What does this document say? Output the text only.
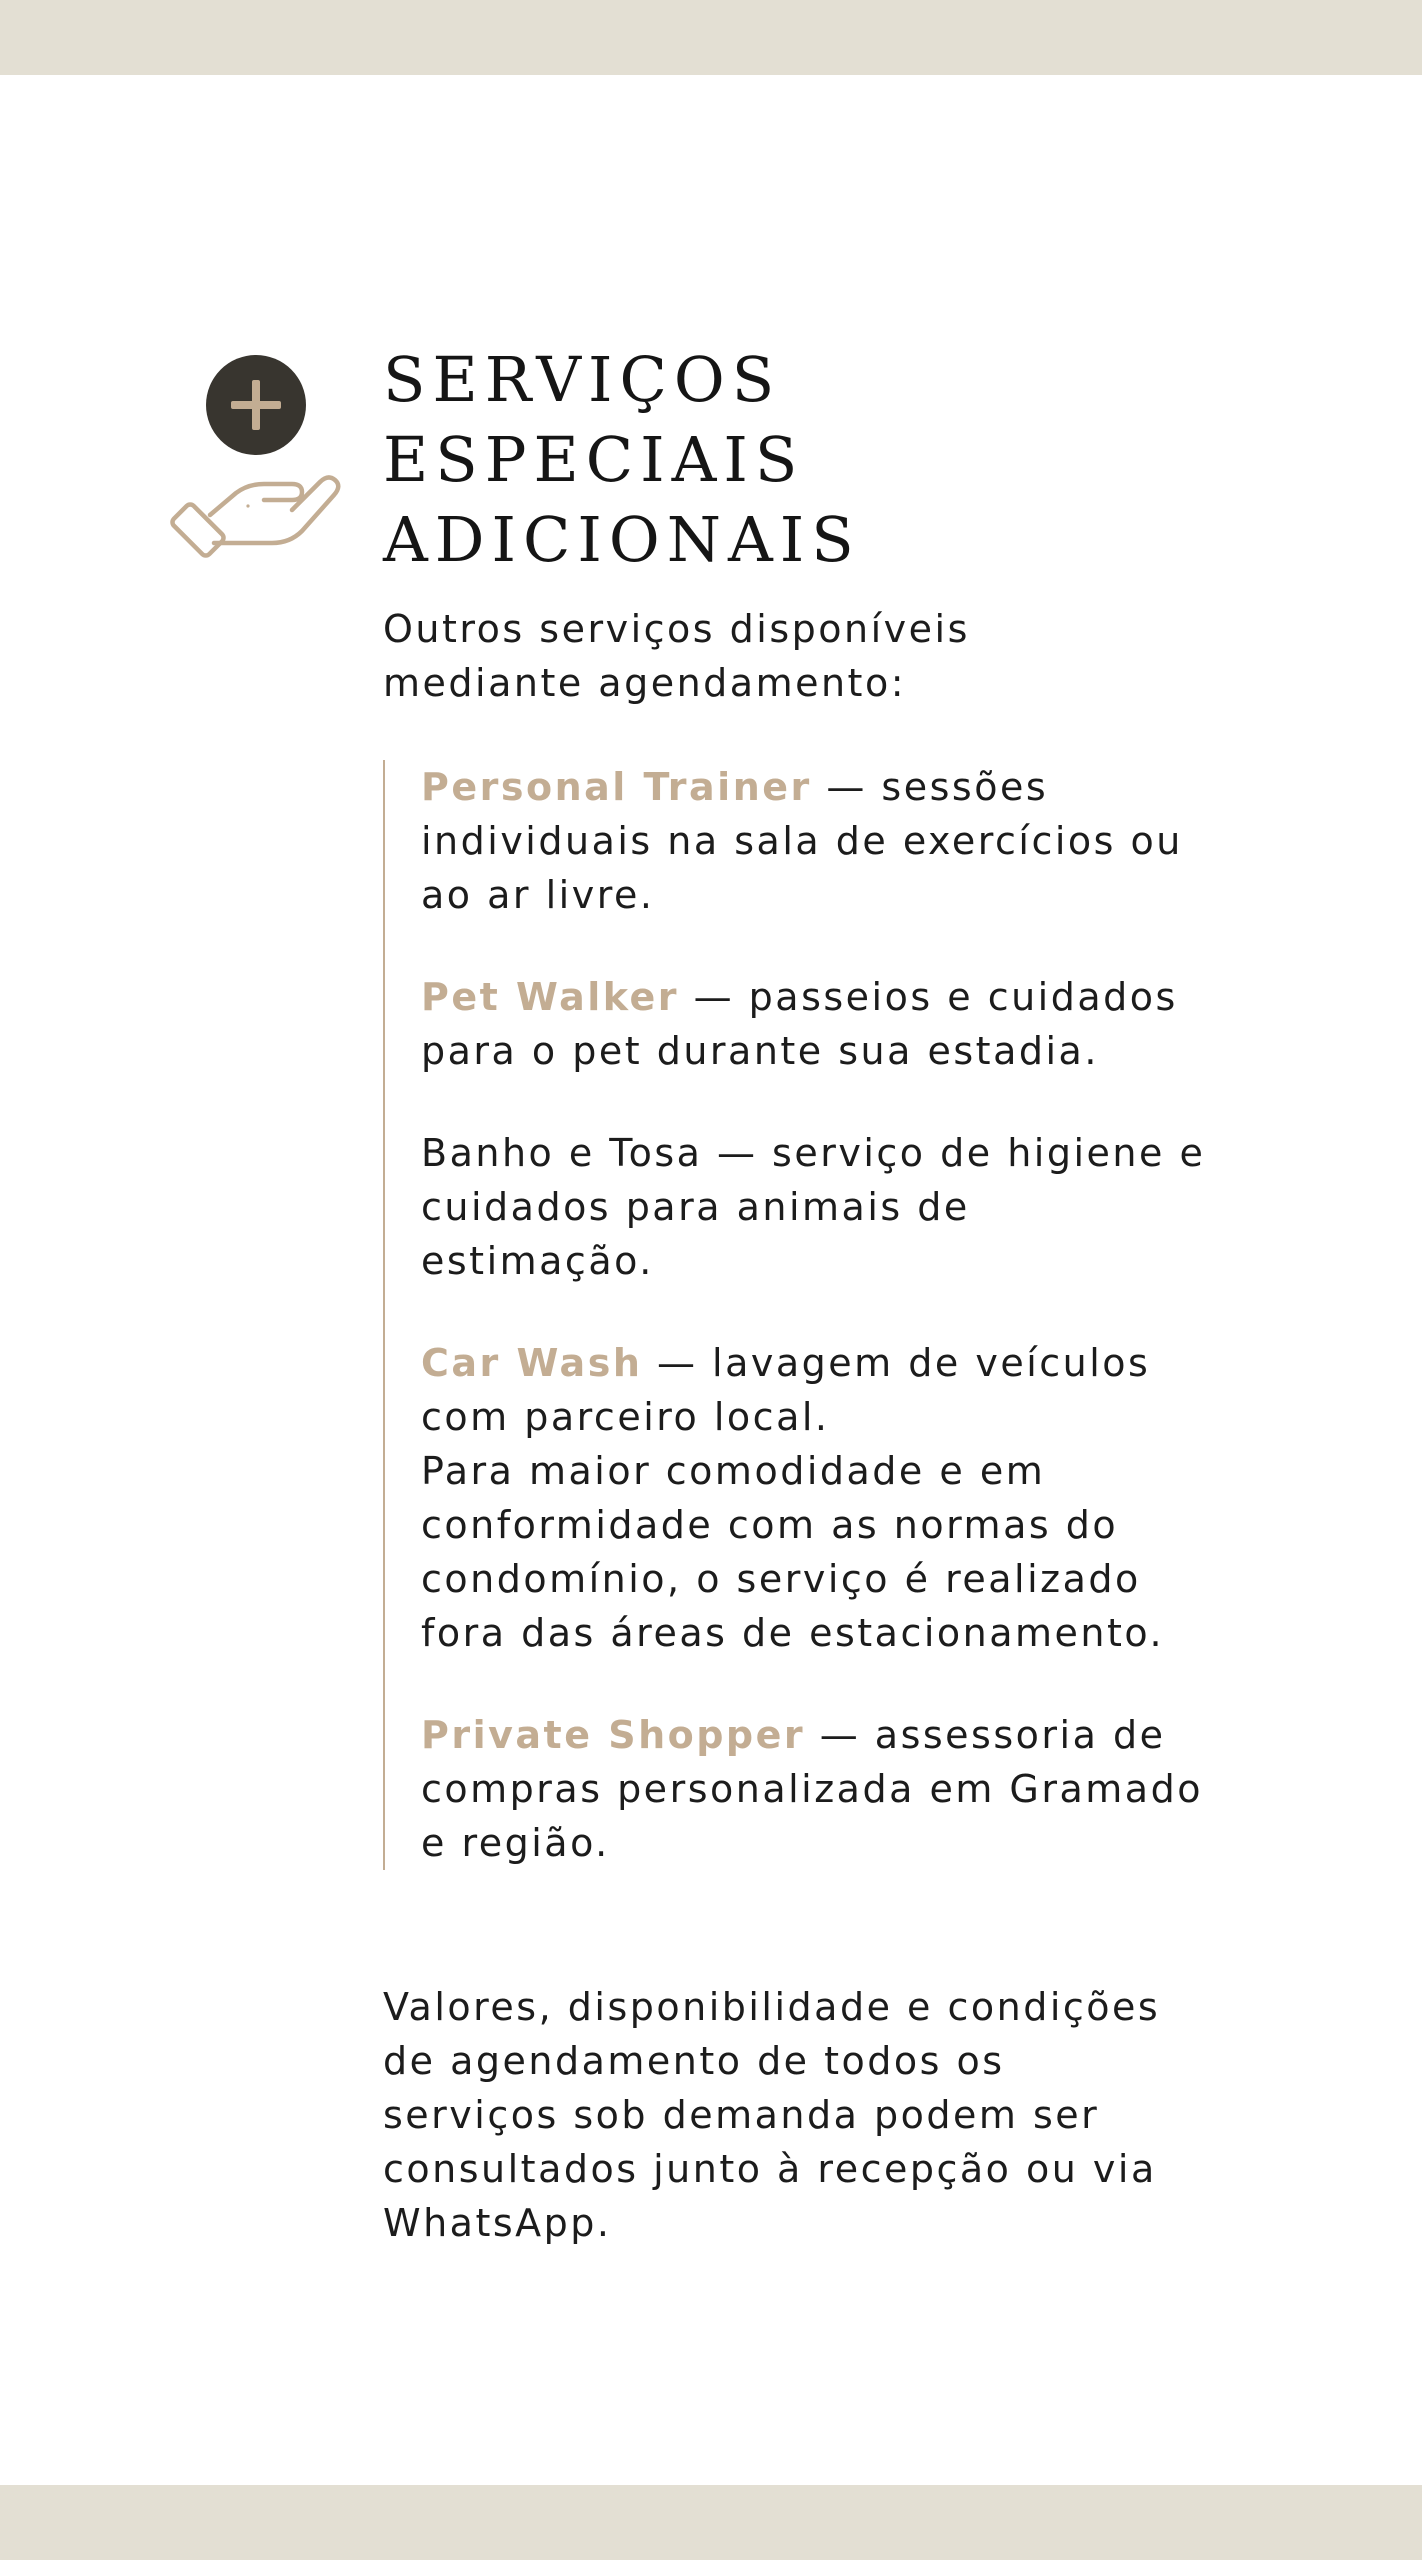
SERVIÇOS ESPECIAIS ADICIONAIS

Outros serviços disponíveis mediante agendamento:

Personal Trainer — sessões individuais na sala de exercícios ou ao ar livre.

Pet Walker — passeios e cuidados para o pet durante sua estadia.

Banho e Tosa — serviço de higiene e cuidados para animais de estimação.

Car Wash — lavagem de veículos com parceiro local.
Para maior comodidade e em conformidade com as normas do condomínio, o serviço é realizado fora das áreas de estacionamento.

Private Shopper — assessoria de compras personalizada em Gramado e região.

Valores, disponibilidade e condições de agendamento de todos os serviços sob demanda podem ser consultados junto à recepção ou via WhatsApp.
